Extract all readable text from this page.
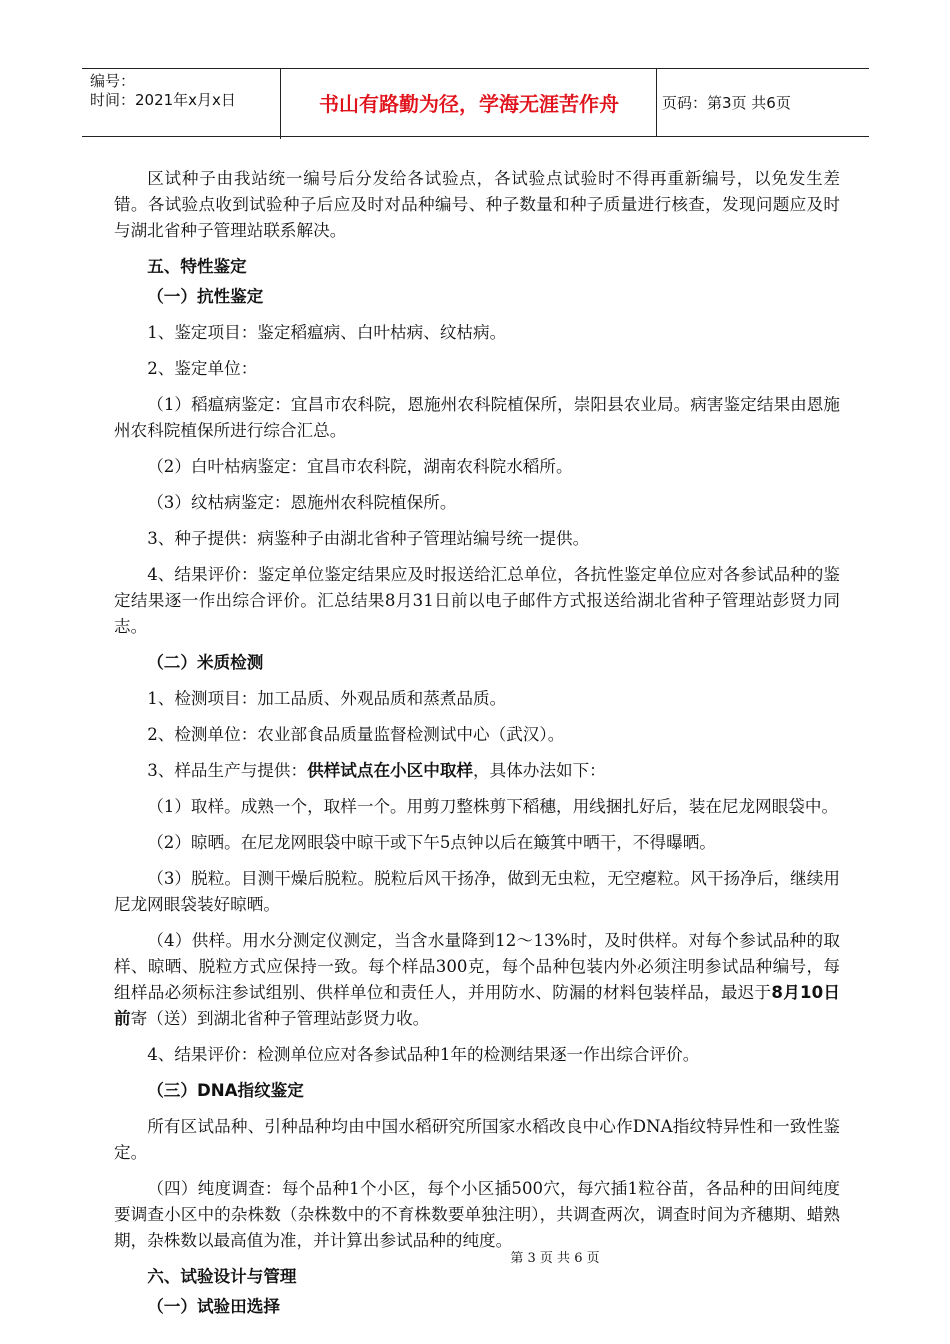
编号：
时间：2021年x月x日	书山有路勤为径，学海无涯苦作舟	页码：第3页 共6页

区试种子由我站统一编号后分发给各试验点，各试验点试验时不得再重新编号，以免发生差错。各试验点收到试验种子后应及时对品种编号、种子数量和种子质量进行核查，发现问题应及时与湖北省种子管理站联系解决。

五、特性鉴定

（一）抗性鉴定

1、鉴定项目：鉴定稻瘟病、白叶枯病、纹枯病。

2、鉴定单位：

（1）稻瘟病鉴定：宜昌市农科院，恩施州农科院植保所，崇阳县农业局。病害鉴定结果由恩施州农科院植保所进行综合汇总。

（2）白叶枯病鉴定：宜昌市农科院，湖南农科院水稻所。

（3）纹枯病鉴定：恩施州农科院植保所。

3、种子提供：病鉴种子由湖北省种子管理站编号统一提供。

4、结果评价：鉴定单位鉴定结果应及时报送给汇总单位，各抗性鉴定单位应对各参试品种的鉴定结果逐一作出综合评价。汇总结果8月31日前以电子邮件方式报送给湖北省种子管理站彭贤力同志。

（二）米质检测

1、检测项目：加工品质、外观品质和蒸煮品质。

2、检测单位：农业部食品质量监督检测试中心（武汉）。

3、样品生产与提供：供样试点在小区中取样，具体办法如下：

（1）取样。成熟一个，取样一个。用剪刀整株剪下稻穗，用线捆扎好后，装在尼龙网眼袋中。

（2）晾晒。在尼龙网眼袋中晾干或下午5点钟以后在簸箕中晒干，不得曝晒。

（3）脱粒。目测干燥后脱粒。脱粒后风干扬净，做到无虫粒，无空瘪粒。风干扬净后，继续用尼龙网眼袋装好晾晒。

（4）供样。用水分测定仪测定，当含水量降到12～13%时，及时供样。对每个参试品种的取样、晾晒、脱粒方式应保持一致。每个样品300克，每个品种包装内外必须注明参试品种编号，每组样品必须标注参试组别、供样单位和责任人，并用防水、防漏的材料包装样品，最迟于8月10日前寄（送）到湖北省种子管理站彭贤力收。

4、结果评价：检测单位应对各参试品种1年的检测结果逐一作出综合评价。

（三）DNA指纹鉴定

所有区试品种、引种品种均由中国水稻研究所国家水稻改良中心作DNA指纹特异性和一致性鉴定。

（四）纯度调查：每个品种1个小区，每个小区插500穴，每穴插1粒谷苗，各品种的田间纯度要调查小区中的杂株数（杂株数中的不育株数要单独注明），共调查两次，调查时间为齐穗期、蜡熟期，杂株数以最高值为准，并计算出参试品种的纯度。

六、试验设计与管理

（一）试验田选择

第 3 页 共 6 页
